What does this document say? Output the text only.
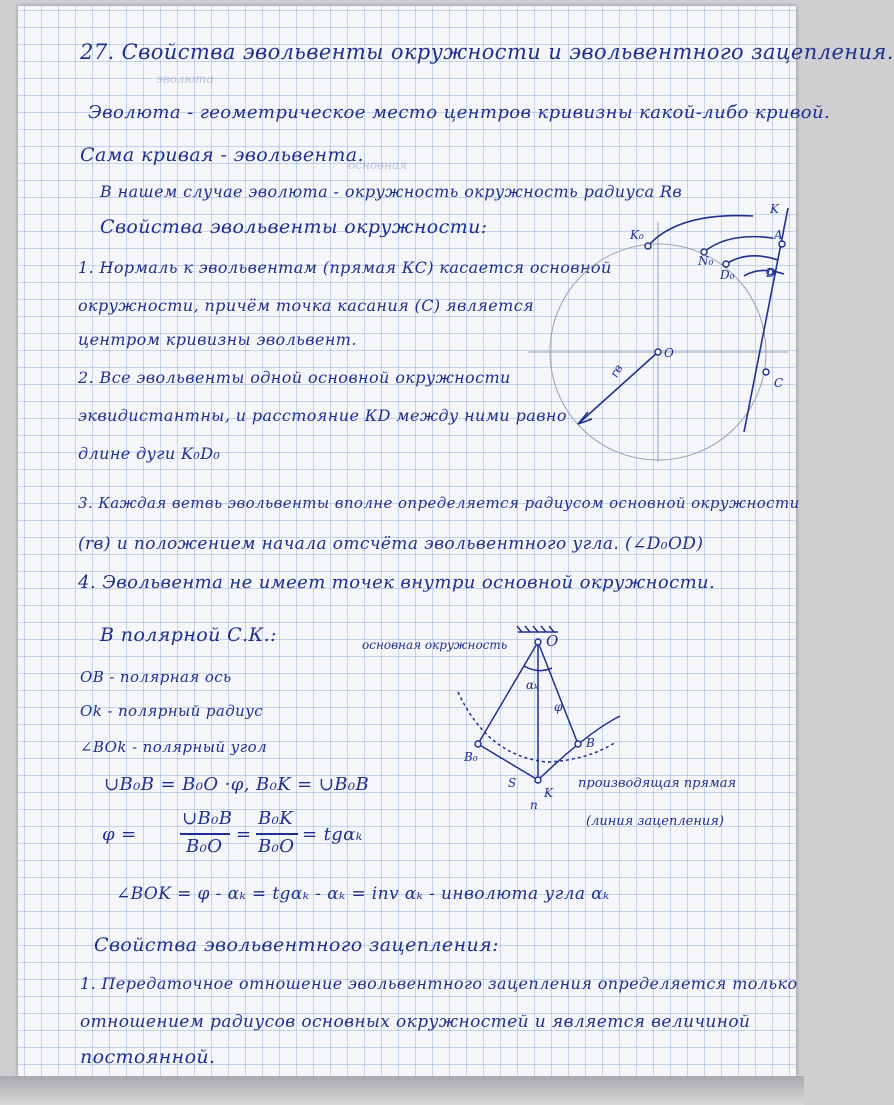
эволюта
основная
27. Свойства эвольвенты окружности и эвольвентного зацепления.
Эволюта - геометрическое место центров кривизны какой-либо кривой.
Сама кривая - эвольвента.
В нашем случае эволюта - окружность окружность радиуса Rв
Свойства эвольвенты окружности:
1. Нормаль к эвольвентам (прямая КС) касается основной
окружности, причём точка касания (С) является
центром кривизны эвольвент.
2. Все эвольвенты одной основной окружности
эквидистантны, и расстояние КD между ними равно
длине дуги K₀D₀
3. Каждая ветвь эвольвенты вполне определяется радиусом основной окружности
(rв) и положением начала отсчёта эвольвентного угла. (∠D₀OD)
4. Эвольвента не имеет точек внутри основной окружности.
K₀
N₀
D₀	D
K
A
O
C
rв
В полярной С.К.:
OB - полярная ось
Ok - полярный радиус
∠BOk - полярный угол
основная окружность	O
αₖ
φ
B₀
B
S
K
n
производящая прямая
(линия зацепления)
∪B₀B = B₀O ·φ, B₀K = ∪B₀B
φ =
∪B₀B
B₀O
=
B₀K
B₀O
= tgαₖ
∠BOK = φ - αₖ = tgαₖ - αₖ = inv αₖ - инволюта угла αₖ
Свойства эвольвентного зацепления:
1. Передаточное отношение эвольвентного зацепления определяется только
отношением радиусов основных окружностей и является величиной
постоянной.
